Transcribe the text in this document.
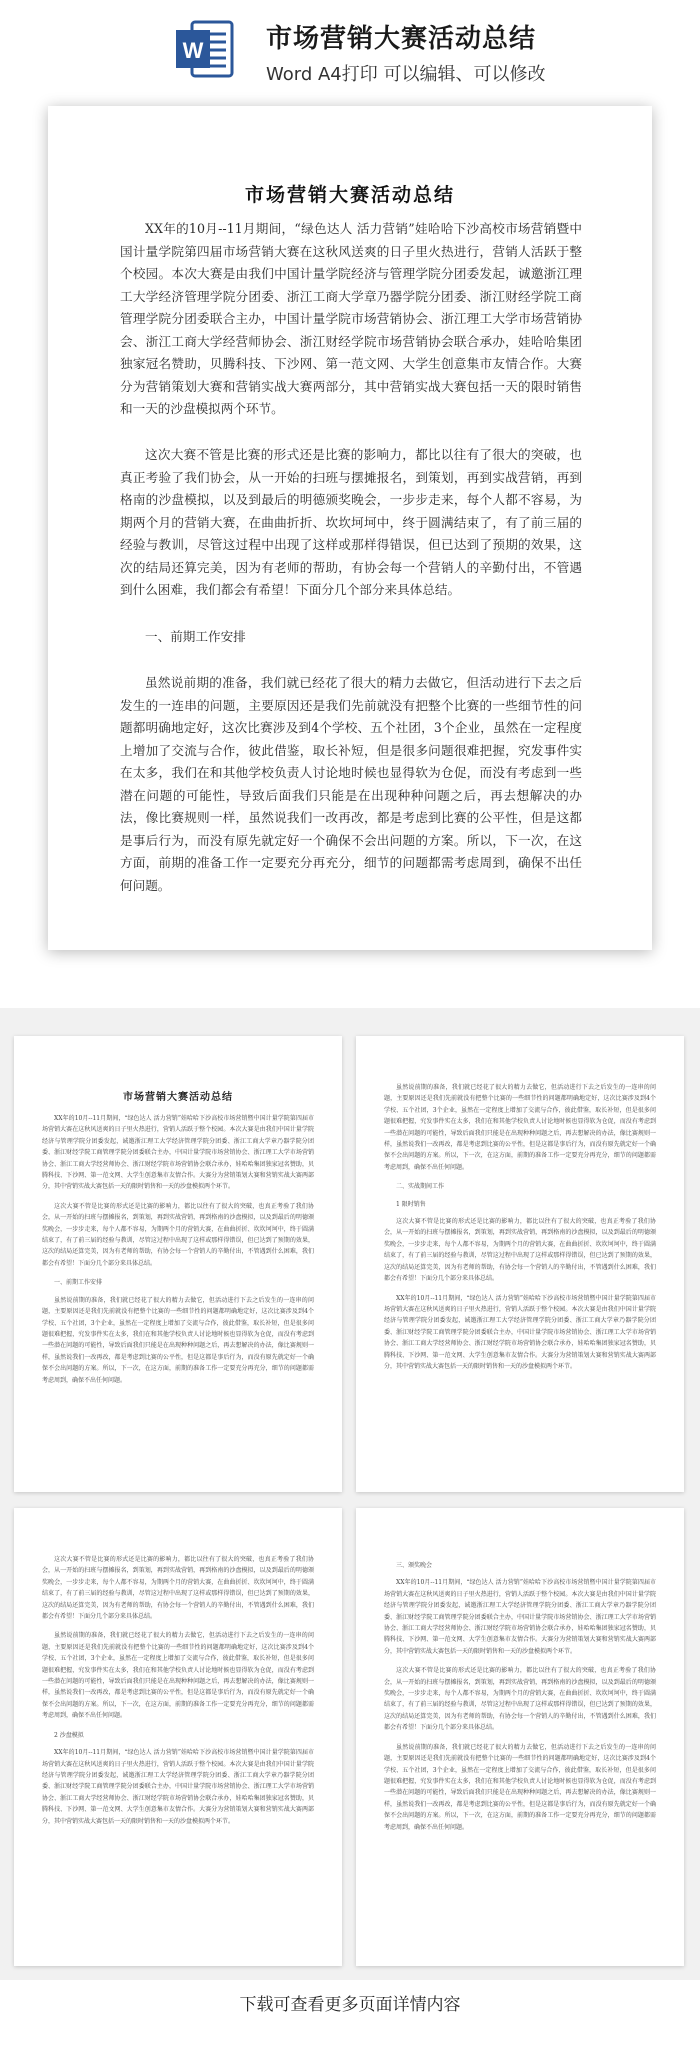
W 市场营销大赛活动总结
Word A4打印 可以编辑、可以修改
市场营销大赛活动总结

XX年的10月--11月期间，“绿色达人 活力营销”娃哈哈下沙高校市场营销暨中国计量学院第四届市场营销大赛在这秋风送爽的日子里火热进行，营销人活跃于整个校园。本次大赛是由我们中国计量学院经济与管理学院分团委发起，诚邀浙江理工大学经济管理学院分团委、浙江工商大学章乃器学院分团委、浙江财经学院工商管理学院分团委联合主办，中国计量学院市场营销协会、浙江理工大学市场营销协会、浙江工商大学经营师协会、浙江财经学院市场营销协会联合承办，娃哈哈集团独家冠名赞助，贝腾科技、下沙网、第一范文网、大学生创意集市友情合作。大赛分为营销策划大赛和营销实战大赛两部分，其中营销实战大赛包括一天的限时销售和一天的沙盘模拟两个环节。

这次大赛不管是比赛的形式还是比赛的影响力，都比以往有了很大的突破，也真正考验了我们协会，从一开始的扫班与摆摊报名，到策划，再到实战营销，再到格南的沙盘模拟，以及到最后的明德颁奖晚会，一步步走来，每个人都不容易，为期两个月的营销大赛，在曲曲折折、坎坎坷坷中，终于圆满结束了，有了前三届的经验与教训，尽管这过程中出现了这样或那样得错误，但已达到了预期的效果，这次的结局还算完美，因为有老师的帮助，有协会每一个营销人的辛勤付出，不管遇到什么困难，我们都会有希望！下面分几个部分来具体总结。

一、前期工作安排

虽然说前期的准备，我们就已经花了很大的精力去做它，但活动进行下去之后发生的一连串的问题，主要原因还是我们先前就没有把整个比赛的一些细节性的问题都明确地定好，这次比赛涉及到4个学校、五个社团，3个企业，虽然在一定程度上增加了交流与合作，彼此借鉴，取长补短，但是很多问题很难把握，究发事件实在太多，我们在和其他学校负责人讨论地时候也显得软为仓促，而没有考虑到一些潜在问题的可能性，导致后面我们只能是在出现种种问题之后，再去想解决的办法，像比赛规则一样，虽然说我们一改再改，都是考虑到比赛的公平性，但是这都是事后行为，而没有原先就定好一个确保不会出问题的方案。所以，下一次，在这方面，前期的准备工作一定要充分再充分，细节的问题都需考虑周到，确保不出任何问题。

市场营销大赛活动总结

XX年的10月--11月期间，“绿色达人 活力营销”娃哈哈下沙高校市场营销暨中国计量学院第四届市场营销大赛在这秋风送爽的日子里火热进行，营销人活跃于整个校园。本次大赛是由我们中国计量学院经济与管理学院分团委发起，诚邀浙江理工大学经济管理学院分团委、浙江工商大学章乃器学院分团委、浙江财经学院工商管理学院分团委联合主办，中国计量学院市场营销协会、浙江理工大学市场营销协会、浙江工商大学经营师协会、浙江财经学院市场营销协会联合承办，娃哈哈集团独家冠名赞助，贝腾科技、下沙网、第一范文网、大学生创意集市友情合作。大赛分为营销策划大赛和营销实战大赛两部分，其中营销实战大赛包括一天的限时销售和一天的沙盘模拟两个环节。

这次大赛不管是比赛的形式还是比赛的影响力，都比以往有了很大的突破，也真正考验了我们协会，从一开始的扫班与摆摊报名，到策划，再到实战营销，再到格南的沙盘模拟，以及到最后的明德颁奖晚会，一步步走来，每个人都不容易，为期两个月的营销大赛，在曲曲折折、坎坎坷坷中，终于圆满结束了，有了前三届的经验与教训，尽管这过程中出现了这样或那样得错误，但已达到了预期的效果，这次的结局还算完美，因为有老师的帮助，有协会每一个营销人的辛勤付出，不管遇到什么困难，我们都会有希望！下面分几个部分来具体总结。

一、前期工作安排

虽然说前期的准备，我们就已经花了很大的精力去做它，但活动进行下去之后发生的一连串的问题，主要原因还是我们先前就没有把整个比赛的一些细节性的问题都明确地定好，这次比赛涉及到4个学校、五个社团，3个企业，虽然在一定程度上增加了交流与合作，彼此借鉴，取长补短，但是很多问题很难把握，究发事件实在太多，我们在和其他学校负责人讨论地时候也显得软为仓促，而没有考虑到一些潜在问题的可能性，导致后面我们只能是在出现种种问题之后，再去想解决的办法，像比赛规则一样，虽然说我们一改再改，都是考虑到比赛的公平性，但是这都是事后行为，而没有原先就定好一个确保不会出问题的方案。所以，下一次，在这方面，前期的准备工作一定要充分再充分，细节的问题都需考虑周到，确保不出任何问题。

虽然说前期的准备，我们就已经花了很大的精力去做它，但活动进行下去之后发生的一连串的问题，主要原因还是我们先前就没有把整个比赛的一些细节性的问题都明确地定好，这次比赛涉及到4个学校、五个社团，3个企业，虽然在一定程度上增加了交流与合作，彼此借鉴，取长补短，但是很多问题很难把握，究发事件实在太多，我们在和其他学校负责人讨论地时候也显得软为仓促，而没有考虑到一些潜在问题的可能性，导致后面我们只能是在出现种种问题之后，再去想解决的办法，像比赛规则一样，虽然说我们一改再改，都是考虑到比赛的公平性，但是这都是事后行为，而没有原先就定好一个确保不会出问题的方案。所以，下一次，在这方面，前期的准备工作一定要充分再充分，细节的问题都需考虑周到，确保不出任何问题。

二、实战期间工作

1 限时销售

这次大赛不管是比赛的形式还是比赛的影响力，都比以往有了很大的突破，也真正考验了我们协会，从一开始的扫班与摆摊报名，到策划，再到实战营销，再到格南的沙盘模拟，以及到最后的明德颁奖晚会，一步步走来，每个人都不容易，为期两个月的营销大赛，在曲曲折折、坎坎坷坷中，终于圆满结束了，有了前三届的经验与教训，尽管这过程中出现了这样或那样得错误，但已达到了预期的效果，这次的结局还算完美，因为有老师的帮助，有协会每一个营销人的辛勤付出，不管遇到什么困难，我们都会有希望！下面分几个部分来具体总结。

XX年的10月--11月期间，“绿色达人 活力营销”娃哈哈下沙高校市场营销暨中国计量学院第四届市场营销大赛在这秋风送爽的日子里火热进行，营销人活跃于整个校园。本次大赛是由我们中国计量学院经济与管理学院分团委发起，诚邀浙江理工大学经济管理学院分团委、浙江工商大学章乃器学院分团委、浙江财经学院工商管理学院分团委联合主办，中国计量学院市场营销协会、浙江理工大学市场营销协会、浙江工商大学经营师协会、浙江财经学院市场营销协会联合承办，娃哈哈集团独家冠名赞助，贝腾科技、下沙网、第一范文网、大学生创意集市友情合作。大赛分为营销策划大赛和营销实战大赛两部分，其中营销实战大赛包括一天的限时销售和一天的沙盘模拟两个环节。

这次大赛不管是比赛的形式还是比赛的影响力，都比以往有了很大的突破，也真正考验了我们协会，从一开始的扫班与摆摊报名，到策划，再到实战营销，再到格南的沙盘模拟，以及到最后的明德颁奖晚会，一步步走来，每个人都不容易，为期两个月的营销大赛，在曲曲折折、坎坎坷坷中，终于圆满结束了，有了前三届的经验与教训，尽管这过程中出现了这样或那样得错误，但已达到了预期的效果，这次的结局还算完美，因为有老师的帮助，有协会每一个营销人的辛勤付出，不管遇到什么困难，我们都会有希望！下面分几个部分来具体总结。

虽然说前期的准备，我们就已经花了很大的精力去做它，但活动进行下去之后发生的一连串的问题，主要原因还是我们先前就没有把整个比赛的一些细节性的问题都明确地定好，这次比赛涉及到4个学校、五个社团，3个企业，虽然在一定程度上增加了交流与合作，彼此借鉴，取长补短，但是很多问题很难把握，究发事件实在太多，我们在和其他学校负责人讨论地时候也显得软为仓促，而没有考虑到一些潜在问题的可能性，导致后面我们只能是在出现种种问题之后，再去想解决的办法，像比赛规则一样，虽然说我们一改再改，都是考虑到比赛的公平性，但是这都是事后行为，而没有原先就定好一个确保不会出问题的方案。所以，下一次，在这方面，前期的准备工作一定要充分再充分，细节的问题都需考虑周到，确保不出任何问题。

2 沙盘模拟

XX年的10月--11月期间，“绿色达人 活力营销”娃哈哈下沙高校市场营销暨中国计量学院第四届市场营销大赛在这秋风送爽的日子里火热进行，营销人活跃于整个校园。本次大赛是由我们中国计量学院经济与管理学院分团委发起，诚邀浙江理工大学经济管理学院分团委、浙江工商大学章乃器学院分团委、浙江财经学院工商管理学院分团委联合主办，中国计量学院市场营销协会、浙江理工大学市场营销协会、浙江工商大学经营师协会、浙江财经学院市场营销协会联合承办，娃哈哈集团独家冠名赞助，贝腾科技、下沙网、第一范文网、大学生创意集市友情合作。大赛分为营销策划大赛和营销实战大赛两部分，其中营销实战大赛包括一天的限时销售和一天的沙盘模拟两个环节。

三、颁奖晚会

XX年的10月--11月期间，“绿色达人 活力营销”娃哈哈下沙高校市场营销暨中国计量学院第四届市场营销大赛在这秋风送爽的日子里火热进行，营销人活跃于整个校园。本次大赛是由我们中国计量学院经济与管理学院分团委发起，诚邀浙江理工大学经济管理学院分团委、浙江工商大学章乃器学院分团委、浙江财经学院工商管理学院分团委联合主办，中国计量学院市场营销协会、浙江理工大学市场营销协会、浙江工商大学经营师协会、浙江财经学院市场营销协会联合承办，娃哈哈集团独家冠名赞助，贝腾科技、下沙网、第一范文网、大学生创意集市友情合作。大赛分为营销策划大赛和营销实战大赛两部分，其中营销实战大赛包括一天的限时销售和一天的沙盘模拟两个环节。

这次大赛不管是比赛的形式还是比赛的影响力，都比以往有了很大的突破，也真正考验了我们协会，从一开始的扫班与摆摊报名，到策划，再到实战营销，再到格南的沙盘模拟，以及到最后的明德颁奖晚会，一步步走来，每个人都不容易，为期两个月的营销大赛，在曲曲折折、坎坎坷坷中，终于圆满结束了，有了前三届的经验与教训，尽管这过程中出现了这样或那样得错误，但已达到了预期的效果，这次的结局还算完美，因为有老师的帮助，有协会每一个营销人的辛勤付出，不管遇到什么困难，我们都会有希望！下面分几个部分来具体总结。

虽然说前期的准备，我们就已经花了很大的精力去做它，但活动进行下去之后发生的一连串的问题，主要原因还是我们先前就没有把整个比赛的一些细节性的问题都明确地定好，这次比赛涉及到4个学校、五个社团，3个企业，虽然在一定程度上增加了交流与合作，彼此借鉴，取长补短，但是很多问题很难把握，究发事件实在太多，我们在和其他学校负责人讨论地时候也显得软为仓促，而没有考虑到一些潜在问题的可能性，导致后面我们只能是在出现种种问题之后，再去想解决的办法，像比赛规则一样，虽然说我们一改再改，都是考虑到比赛的公平性，但是这都是事后行为，而没有原先就定好一个确保不会出问题的方案。所以，下一次，在这方面，前期的准备工作一定要充分再充分，细节的问题都需考虑周到，确保不出任何问题。

下载可查看更多页面详情内容
